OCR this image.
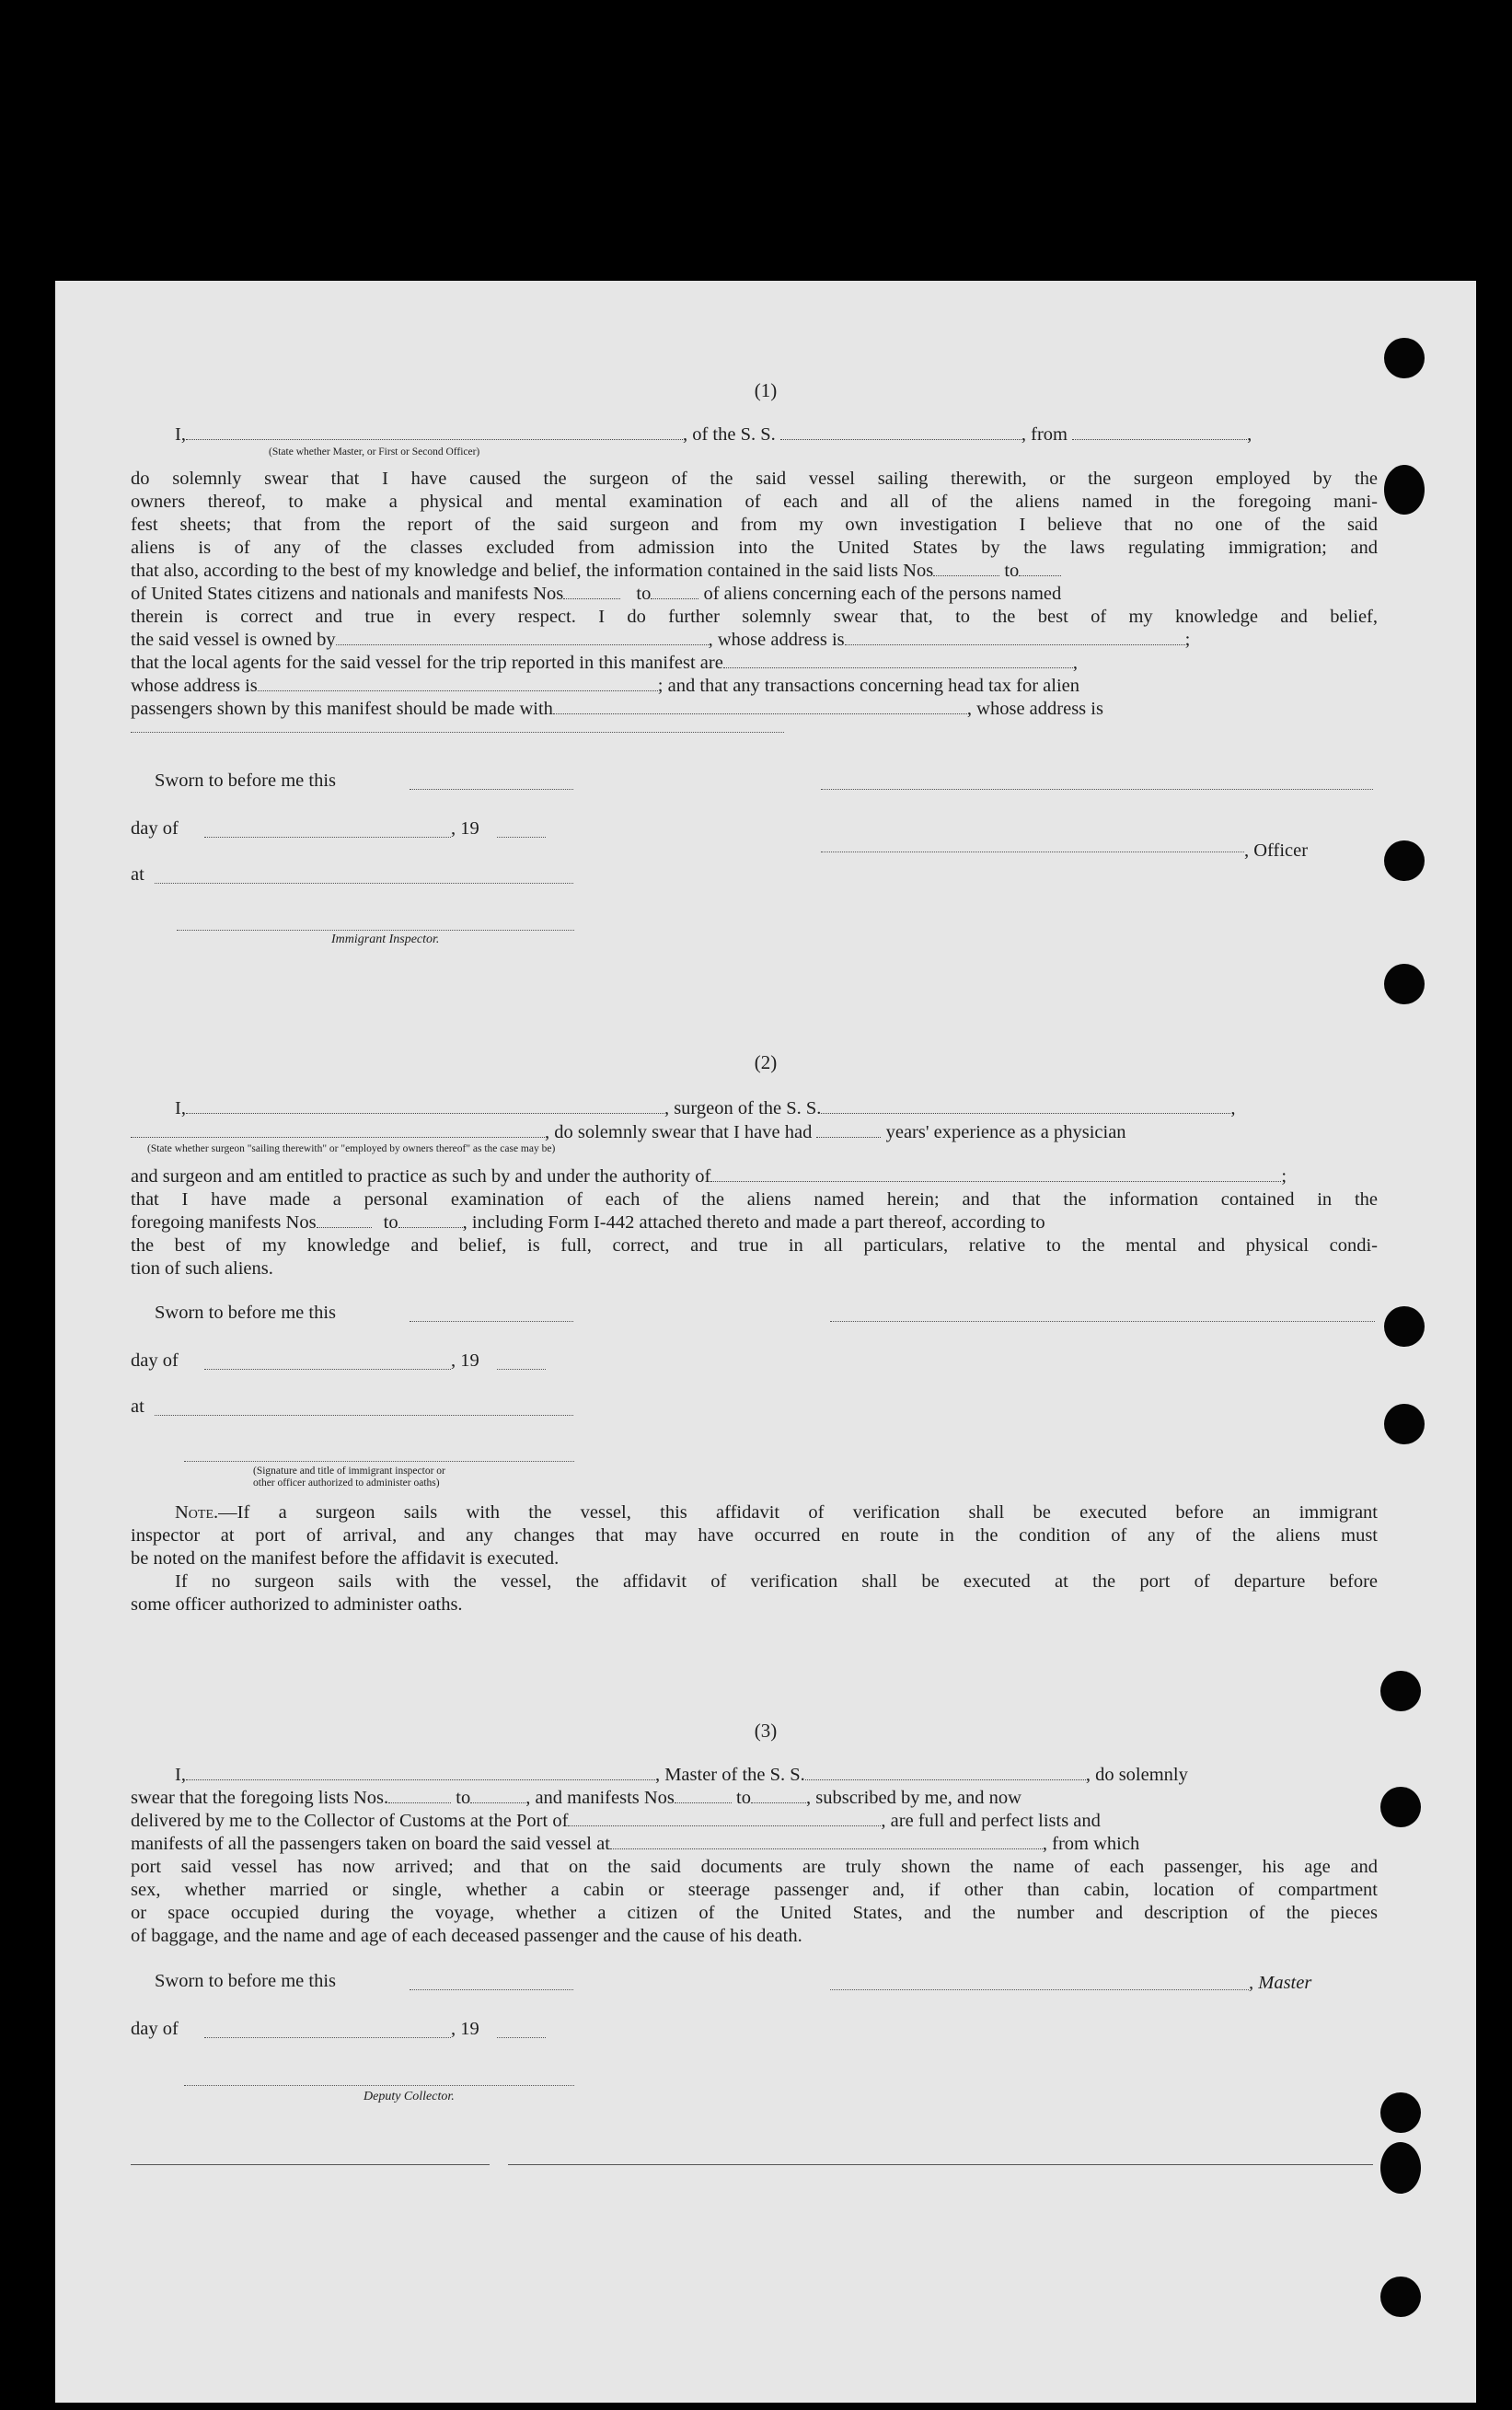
(1)
I,	, of the S. S.	, from	,
(State whether Master, or First or Second Officer)
do solemnly swear that I have caused the surgeon of the said vessel sailing therewith, or the surgeon employed by the
owners thereof, to make a physical and mental examination of each and all of the aliens named in the foregoing mani-
fest sheets; that from the report of the said surgeon and from my own investigation I believe that no one of the said
aliens is of any of the classes excluded from admission into the United States by the laws regulating immigration; and
that also, according to the best of my knowledge and belief, the information contained in the said lists Nos	to
of United States citizens and nationals and manifests Nos	to	of aliens concerning each of the persons named
therein is correct and true in every respect. I do further solemnly swear that, to the best of my knowledge and belief,
the said vessel is owned by	, whose address is	;
that the local agents for the said vessel for the trip reported in this manifest are	,
whose address is	; and that any transactions concerning head tax for alien
passengers shown by this manifest should be made with	, whose address is
Sworn to before me this
day of	, 19
, Officer
at
Immigrant Inspector.
(2)
I,	, surgeon of the S. S.	,
, do solemnly swear that I have had	years' experience as a physician
(State whether surgeon "sailing therewith" or "employed by owners thereof" as the case may be)
and surgeon and am entitled to practice as such by and under the authority of	;
that I have made a personal examination of each of the aliens named herein; and that the information contained in the
foregoing manifests Nos	to	, including Form I-442 attached thereto and made a part thereof, according to
the best of my knowledge and belief, is full, correct, and true in all particulars, relative to the mental and physical condi-
tion of such aliens.
Sworn to before me this
day of	, 19
at
(Signature and title of immigrant inspector or
other officer authorized to administer oaths)
Note.—If a surgeon sails with the vessel, this affidavit of verification shall be executed before an immigrant
inspector at port of arrival, and any changes that may have occurred en route in the condition of any of the aliens must
be noted on the manifest before the affidavit is executed.
If no surgeon sails with the vessel, the affidavit of verification shall be executed at the port of departure before
some officer authorized to administer oaths.
(3)
I,	, Master of the S. S.	, do solemnly
swear that the foregoing lists Nos.	to	, and manifests Nos	to	, subscribed by me, and now
delivered by me to the Collector of Customs at the Port of	, are full and perfect lists and
manifests of all the passengers taken on board the said vessel at	, from which
port said vessel has now arrived; and that on the said documents are truly shown the name of each passenger, his age and
sex, whether married or single, whether a cabin or steerage passenger and, if other than cabin, location of compartment
or space occupied during the voyage, whether a citizen of the United States, and the number and description of the pieces
of baggage, and the name and age of each deceased passenger and the cause of his death.
Sworn to before me this	, Master
day of	, 19
Deputy Collector.
